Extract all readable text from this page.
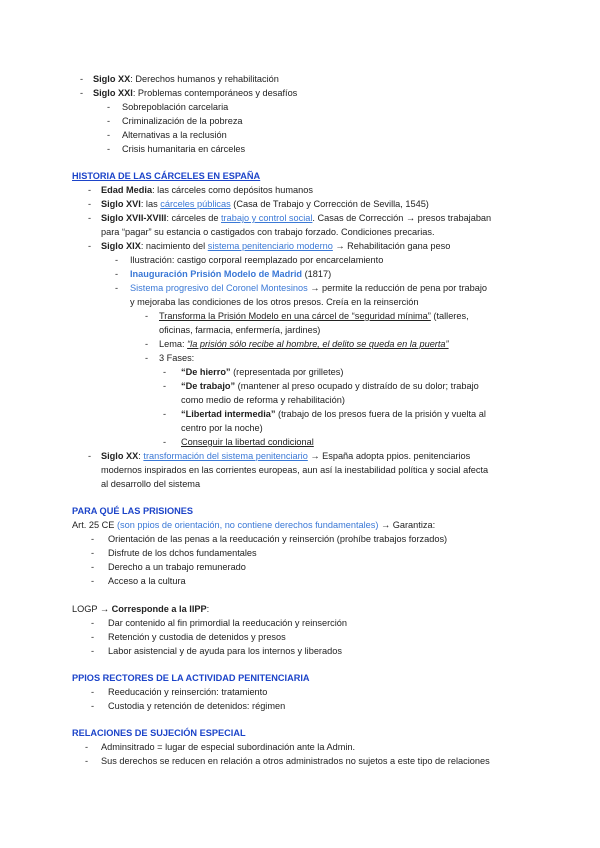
- Siglo XX: Derechos humanos y rehabilitación
- Siglo XXI: Problemas contemporáneos y desafíos
- Sobrepoblación carcelaria
- Criminalización de la pobreza
- Alternativas a la reclusión
- Crisis humanitaria en cárceles
HISTORIA DE LAS CÁRCELES EN ESPAÑA
- Edad Media: las cárceles como depósitos humanos
- Siglo XVI: las cárceles públicas (Casa de Trabajo y Corrección de Sevilla, 1545)
- Siglo XVII-XVIII: cárceles de trabajo y control social. Casas de Corrección → presos trabajaban
para “pagar” su estancia o castigados con trabajo forzado. Condiciones precarias.
- Siglo XIX: nacimiento del sistema penitenciario moderno → Rehabilitación gana peso
- Ilustración: castigo corporal reemplazado por encarcelamiento
- Inauguración Prisión Modelo de Madrid (1817)
- Sistema progresivo del Coronel Montesinos → permite la reducción de pena por trabajo
y mejoraba las condiciones de los otros presos. Creía en la reinserción
- Transforma la Prisión Modelo en una cárcel de “seguridad mínima” (talleres,
oficinas, farmacia, enfermería, jardines)
- Lema: “la prisión sólo recibe al hombre, el delito se queda en la puerta”
- 3 Fases:
- “De hierro” (representada por grilletes)
- “De trabajo” (mantener al preso ocupado y distraído de su dolor; trabajo
como medio de reforma y rehabilitación)
- “Libertad intermedia” (trabajo de los presos fuera de la prisión y vuelta al
centro por la noche)
- Conseguir la libertad condicional
- Siglo XX: transformación del sistema penitenciario → España adopta ppios. penitenciarios
modernos inspirados en las corrientes europeas, aun así la inestabilidad política y social afecta
al desarrollo del sistema
PARA QUÉ LAS PRISIONES
Art. 25 CE (son ppios de orientación, no contiene derechos fundamentales) → Garantiza:
- Orientación de las penas a la reeducación y reinserción (prohíbe trabajos forzados)
- Disfrute de los dchos fundamentales
- Derecho a un trabajo remunerado
- Acceso a la cultura
LOGP → Corresponde a la IIPP:
- Dar contenido al fin primordial la reeducación y reinserción
- Retención y custodia de detenidos y presos
- Labor asistencial y de ayuda para los internos y liberados
PPIOS RECTORES DE LA ACTIVIDAD PENITENCIARIA
- Reeducación y reinserción: tratamiento
- Custodia y retención de detenidos: régimen
RELACIONES DE SUJECIÓN ESPECIAL
- Adminsitrado = lugar de especial subordinación ante la Admin.
- Sus derechos se reducen en relación a otros administrados no sujetos a este tipo de relaciones
